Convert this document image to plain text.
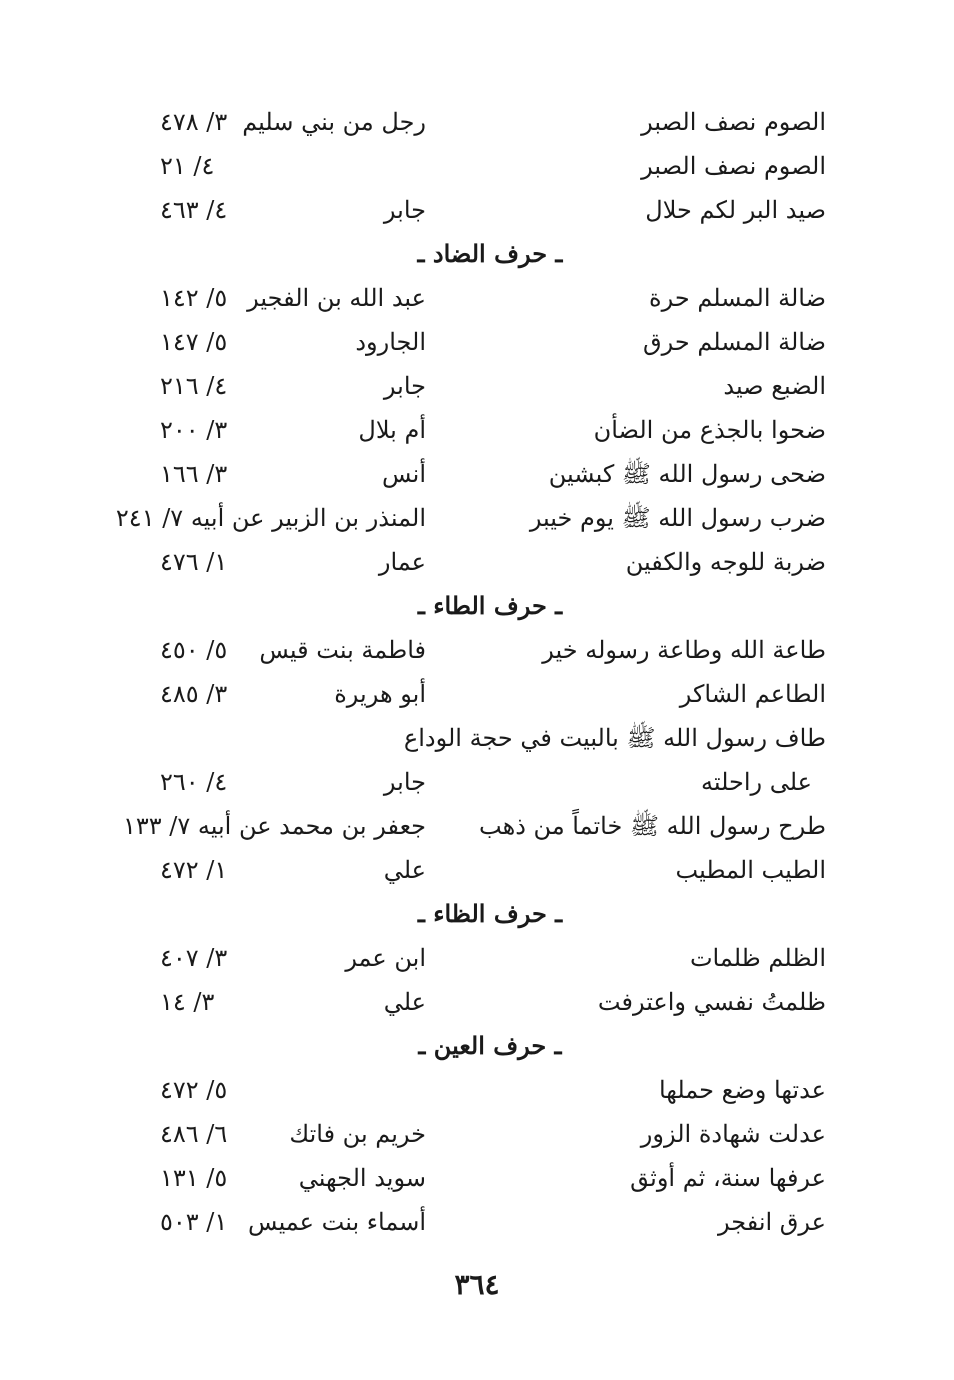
الصوم نصف الصبر
رجل من بني سليم
٣/ ٤٧٨
الصوم نصف الصبر
٤/ ٢١
صيد البر لكم حلال
جابر
٤/ ٤٦٣
ـ حرف الضاد ـ
ضالة المسلم حرة
عبد الله بن الفجير
٥/ ١٤٢
ضالة المسلم حرق
الجارود
٥/ ١٤٧
الضبع صيد
جابر
٤/ ٢١٦
ضحوا بالجذع من الضأن
أم بلال
٣/ ٢٠٠
ضحى رسول الله ﷺ كبشين
أنس
٣/ ١٦٦
ضرب رسول الله ﷺ يوم خيبر
المنذر بن الزبير عن أبيه ٧/ ٢٤١
ضربة للوجه والكفين
عمار
١/ ٤٧٦
ـ حرف الطاء ـ
طاعة الله وطاعة رسوله خير
فاطمة بنت قيس
٥/ ٤٥٠
الطاعم الشاكر
أبو هريرة
٣/ ٤٨٥
طاف رسول الله ﷺ بالبيت في حجة الوداع
على راحلته
جابر
٤/ ٢٦٠
طرح رسول الله ﷺ خاتماً من ذهب
جعفر بن محمد عن أبيه ٧/ ١٣٣
الطيب المطيب
علي
١/ ٤٧٢
ـ حرف الظاء ـ
الظلم ظلمات
ابن عمر
٣/ ٤٠٧
ظلمتُ نفسي واعترفت
علي
٣/ ١٤
ـ حرف العين ـ
عدتها وضع حملها
٥/ ٤٧٢
عدلت شهادة الزور
خريم بن فاتك
٦/ ٤٨٦
عرفها سنة، ثم أوثق
سويد الجهني
٥/ ١٣١
عرق انفجر
أسماء بنت عميس
١/ ٥٠٣
٣٦٤
